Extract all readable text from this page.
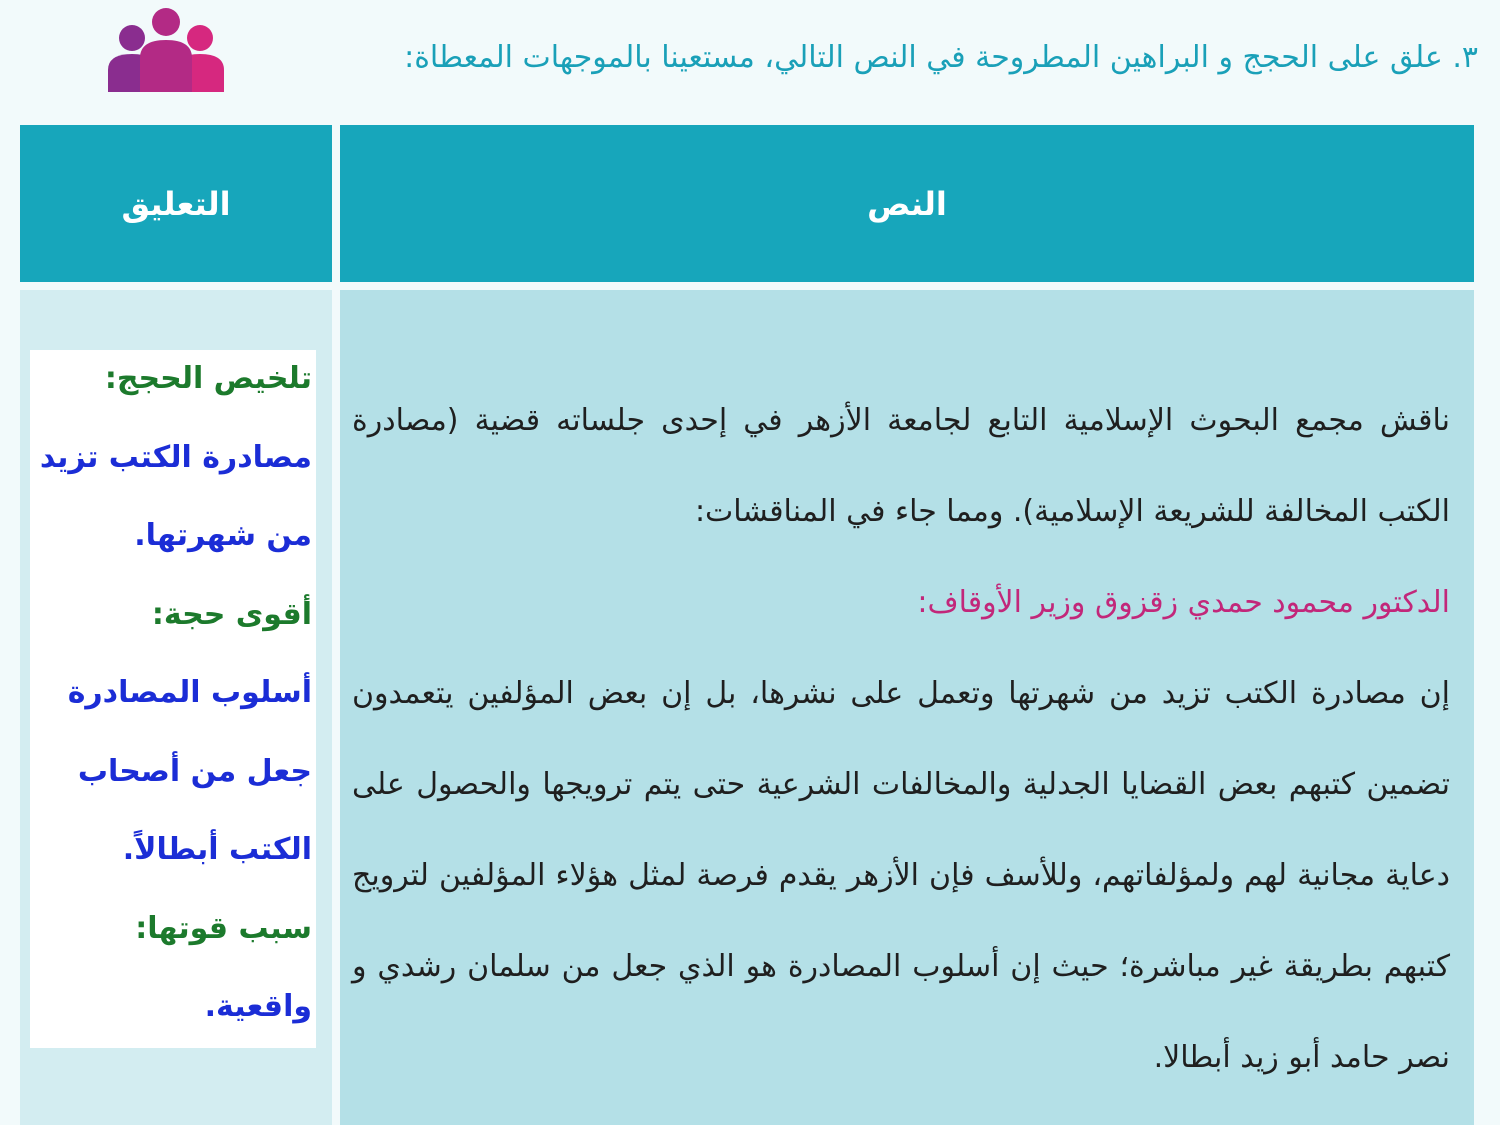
٣. علق على الحجج و البراهين المطروحة في النص التالي، مستعينا بالموجهات المعطاة:
النص
التعليق

ناقش مجمع البحوث الإسلامية التابع لجامعة الأزهر في إحدى جلساته قضية (مصادرة الكتب المخالفة للشريعة الإسلامية). ومما جاء في المناقشات:

الدكتور محمود حمدي زقزوق وزير الأوقاف:

إن مصادرة الكتب تزيد من شهرتها وتعمل على نشرها، بل إن بعض المؤلفين يتعمدون تضمين كتبهم بعض القضايا الجدلية والمخالفات الشرعية حتى يتم ترويجها والحصول على دعاية مجانية لهم ولمؤلفاتهم، وللأسف فإن الأزهر يقدم فرصة لمثل هؤلاء المؤلفين لترويج كتبهم بطريقة غير مباشرة؛ حيث إن أسلوب المصادرة هو الذي جعل من سلمان رشدي و نصر حامد أبو زيد أبطالا.

تلخيص الحجج:
مصادرة الكتب تزيد
من شهرتها.
أقوى حجة:
أسلوب المصادرة
جعل من أصحاب
الكتب أبطالاً.
سبب قوتها:
واقعية.
